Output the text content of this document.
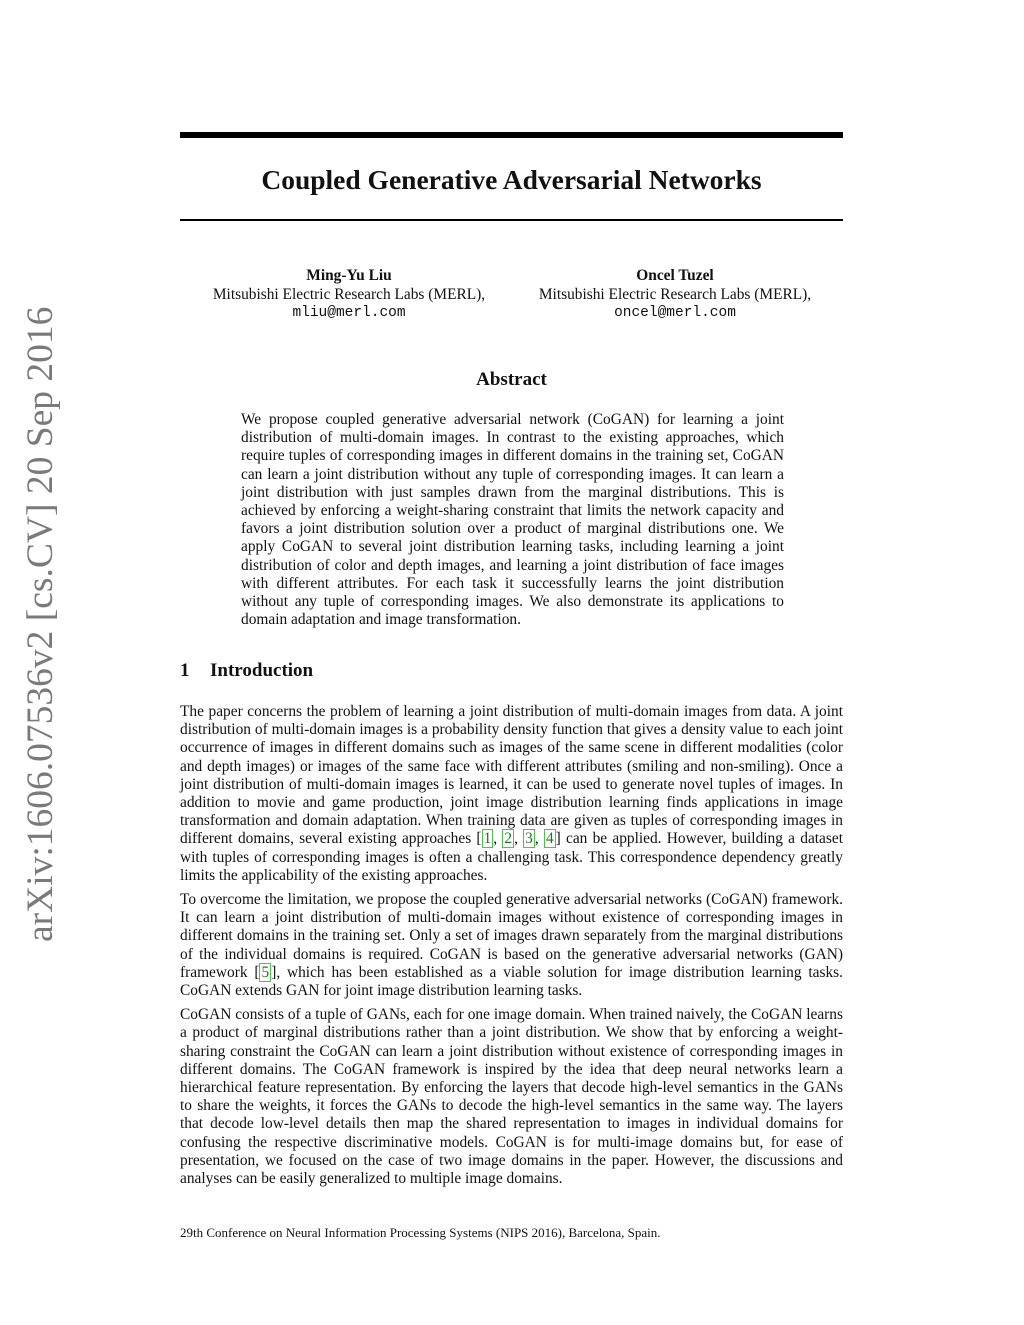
Coupled Generative Adversarial Networks
Ming-Yu Liu
Mitsubishi Electric Research Labs (MERL),
mliu@merl.com
Oncel Tuzel
Mitsubishi Electric Research Labs (MERL),
oncel@merl.com
arXiv:1606.07536v2 [cs.CV] 20 Sep 2016	Abstract
We propose coupled generative adversarial network (CoGAN) for learning a joint distribution of multi-domain images. In contrast to the existing approaches, which require tuples of corresponding images in different domains in the training set, CoGAN can learn a joint distribution without any tuple of corresponding images. It can learn a joint distribution with just samples drawn from the marginal distributions. This is achieved by enforcing a weight-sharing constraint that limits the network capacity and favors a joint distribution solution over a product of marginal distributions one. We apply CoGAN to several joint distribution learning tasks, including learning a joint distribution of color and depth images, and learning a joint distribution of face images with different attributes. For each task it successfully learns the joint distribution without any tuple of corresponding images. We also demonstrate its applications to domain adaptation and image transformation.
1 Introduction

The paper concerns the problem of learning a joint distribution of multi-domain images from data. A joint distribution of multi-domain images is a probability density function that gives a density value to each joint occurrence of images in different domains such as images of the same scene in different modalities (color and depth images) or images of the same face with different attributes (smiling and non-smiling). Once a joint distribution of multi-domain images is learned, it can be used to generate novel tuples of images. In addition to movie and game production, joint image distribution learning finds applications in image transformation and domain adaptation. When training data are given as tuples of corresponding images in different domains, several existing approaches [ 1 , 2 , 3 , 4 ] can be applied. However, building a dataset with tuples of corresponding images is often a challenging task. This correspondence dependency greatly limits the applicability of the existing approaches.

To overcome the limitation, we propose the coupled generative adversarial networks (CoGAN) framework. It can learn a joint distribution of multi-domain images without existence of corresponding images in different domains in the training set. Only a set of images drawn separately from the marginal distributions of the individual domains is required. CoGAN is based on the generative adversarial networks (GAN) framework [ 5 ], which has been established as a viable solution for image distribution learning tasks. CoGAN extends GAN for joint image distribution learning tasks.

CoGAN consists of a tuple of GANs, each for one image domain. When trained naively, the CoGAN learns a product of marginal distributions rather than a joint distribution. We show that by enforcing a weight-sharing constraint the CoGAN can learn a joint distribution without existence of corresponding images in different domains. The CoGAN framework is inspired by the idea that deep neural networks learn a hierarchical feature representation. By enforcing the layers that decode high-level semantics in the GANs to share the weights, it forces the GANs to decode the high-level semantics in the same way. The layers that decode low-level details then map the shared representation to images in individual domains for confusing the respective discriminative models. CoGAN is for multi-image domains but, for ease of presentation, we focused on the case of two image domains in the paper. However, the discussions and analyses can be easily generalized to multiple image domains.

29th Conference on Neural Information Processing Systems (NIPS 2016), Barcelona, Spain.
